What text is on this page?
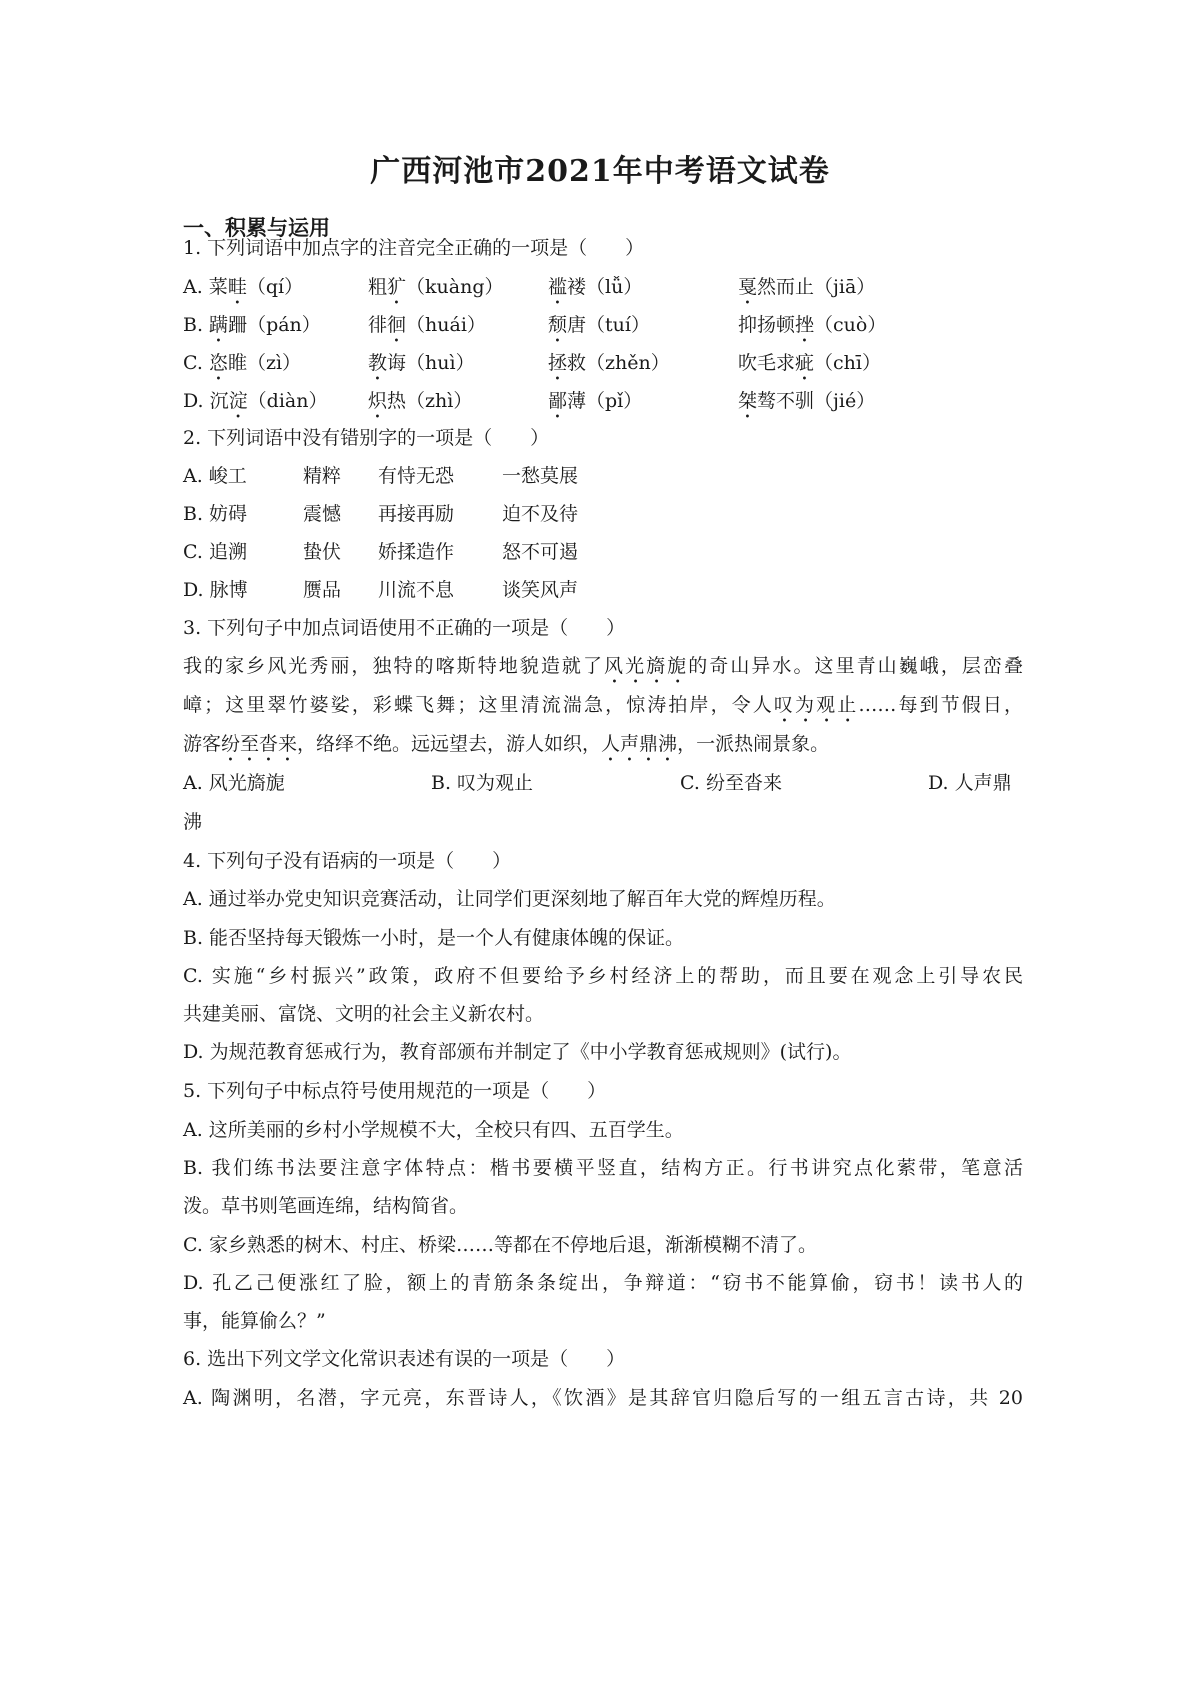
广西河池市2021年中考语文试卷
一、积累与运用
1. 下列词语中加点字的注音完全正确的一项是（　　）
A. 菜畦（qí）	粗犷（kuàng） 褴褛（lǚ）	戛然而止（jiā）
B. 蹒跚（pán） 徘徊（huái）	颓唐（tuí）	抑扬顿挫（cuò）
C. 恣睢（zì）	教诲（huì）	拯救（zhěn）	吹毛求疵（chī）
D. 沉淀（diàn） 炽热（zhì）	鄙薄（pǐ）	桀骜不驯（jié）
2. 下列词语中没有错别字的一项是（　　）
A. 峻工	精粹 有恃无恐	一愁莫展
B. 妨碍	震憾 再接再励	迫不及待
C. 追溯	蛰伏 娇揉造作	怒不可遏
D. 脉博	赝品 川流不息	谈笑风声
3. 下列句子中加点词语使用不正确的一项是（　　）
我的家乡风光秀丽，独特的喀斯特地貌造就了风光旖旎的奇山异水。这里青山巍峨，层峦叠
嶂；这里翠竹婆娑，彩蝶飞舞；这里清流湍急，惊涛拍岸，令人叹为观止……每到节假日，
游客纷至沓来，络绎不绝。远远望去，游人如织，人声鼎沸，一派热闹景象。
A. 风光旖旎	B. 叹为观止	C. 纷至沓来	D. 人声鼎
沸
4. 下列句子没有语病的一项是（　　）
A. 通过举办党史知识竞赛活动，让同学们更深刻地了解百年大党的辉煌历程。
B. 能否坚持每天锻炼一小时，是一个人有健康体魄的保证。
C. 实施“乡村振兴”政策，政府不但要给予乡村经济上的帮助，而且要在观念上引导农民
共建美丽、富饶、文明的社会主义新农村。
D. 为规范教育惩戒行为，教育部颁布并制定了《中小学教育惩戒规则》(试行)。
5. 下列句子中标点符号使用规范的一项是（　　）
A. 这所美丽的乡村小学规模不大，全校只有四、五百学生。
B. 我们练书法要注意字体特点：楷书要横平竖直，结构方正。行书讲究点化萦带，笔意活
泼。草书则笔画连绵，结构简省。
C. 家乡熟悉的树木、村庄、桥梁……等都在不停地后退，渐渐模糊不清了。
D. 孔乙己便涨红了脸，额上的青筋条条绽出，争辩道：“窃书不能算偷，窃书！读书人的
事，能算偷么？”
6. 选出下列文学文化常识表述有误的一项是（　　）
A. 陶渊明，名潜，字元亮，东晋诗人，《饮酒》是其辞官归隐后写的一组五言古诗，共 20
